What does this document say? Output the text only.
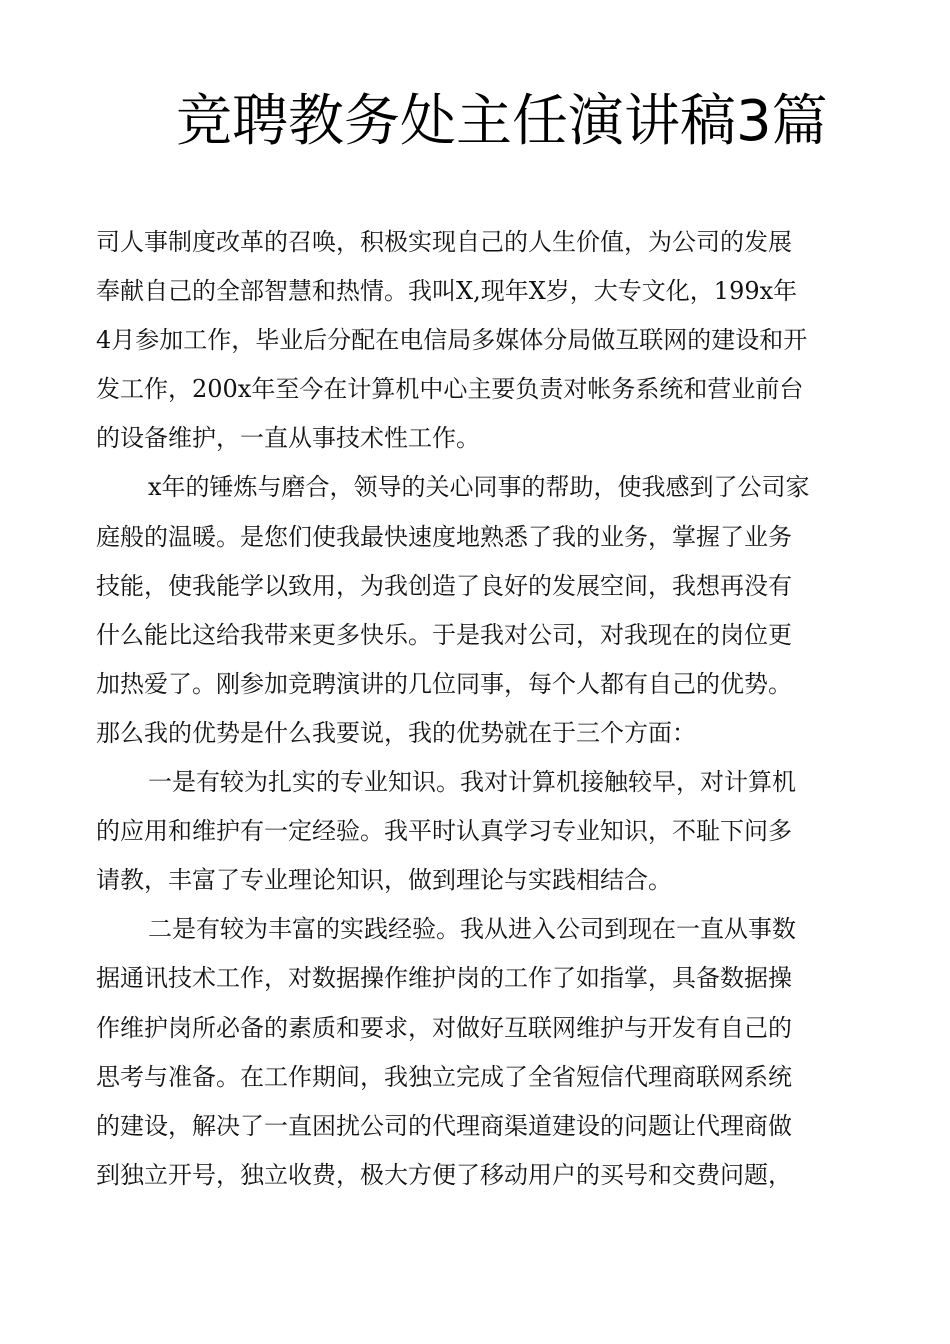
竞聘教务处主任演讲稿3篇
司人事制度改革的召唤，积极实现自己的人生价值，为公司的发展
奉献自己的全部智慧和热情。我叫X,现年X岁，大专文化，199x年
4月参加工作，毕业后分配在电信局多媒体分局做互联网的建设和开
发工作，200x年至今在计算机中心主要负责对帐务系统和营业前台
的设备维护，一直从事技术性工作。
x年的锤炼与磨合，领导的关心同事的帮助，使我感到了公司家
庭般的温暖。是您们使我最快速度地熟悉了我的业务，掌握了业务
技能，使我能学以致用，为我创造了良好的发展空间，我想再没有
什么能比这给我带来更多快乐。于是我对公司，对我现在的岗位更
加热爱了。刚参加竞聘演讲的几位同事，每个人都有自己的优势。
那么我的优势是什么我要说，我的优势就在于三个方面：
一是有较为扎实的专业知识。我对计算机接触较早，对计算机
的应用和维护有一定经验。我平时认真学习专业知识，不耻下问多
请教，丰富了专业理论知识，做到理论与实践相结合。
二是有较为丰富的实践经验。我从进入公司到现在一直从事数
据通讯技术工作，对数据操作维护岗的工作了如指掌，具备数据操
作维护岗所必备的素质和要求，对做好互联网维护与开发有自己的
思考与准备。在工作期间，我独立完成了全省短信代理商联网系统
的建设，解决了一直困扰公司的代理商渠道建设的问题让代理商做
到独立开号，独立收费，极大方便了移动用户的买号和交费问题，
